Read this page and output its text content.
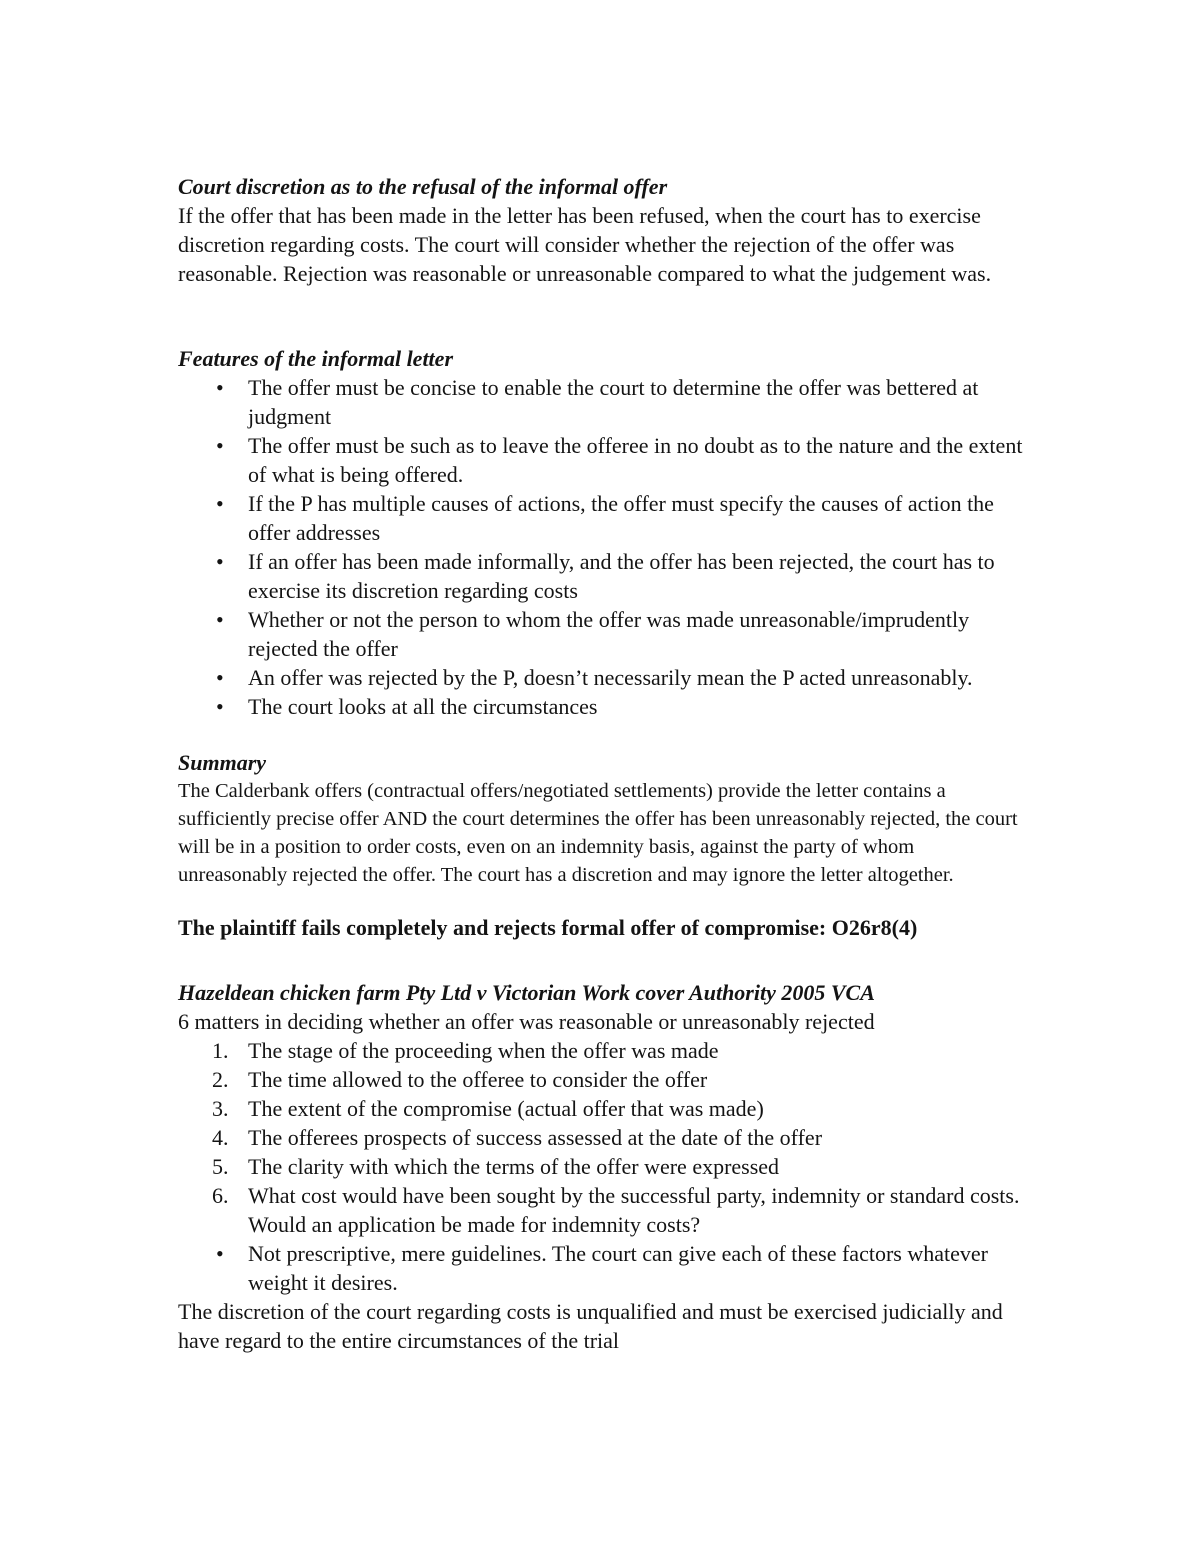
Court discretion as to the refusal of the informal offer

If the offer that has been made in the letter has been refused, when the court has to exercise discretion regarding costs. The court will consider whether the rejection of the offer was reasonable. Rejection was reasonable or unreasonable compared to what the judgement was.

Features of the informal letter
• The offer must be concise to enable the court to determine the offer was bettered at judgment
• The offer must be such as to leave the offeree in no doubt as to the nature and the extent of what is being offered.
• If the P has multiple causes of actions, the offer must specify the causes of action the offer addresses
• If an offer has been made informally, and the offer has been rejected, the court has to exercise its discretion regarding costs
• Whether or not the person to whom the offer was made unreasonable/imprudently rejected the offer
• An offer was rejected by the P, doesn’t necessarily mean the P acted unreasonably.
• The court looks at all the circumstances
Summary

The Calderbank offers (contractual offers/negotiated settlements) provide the letter contains a sufficiently precise offer AND the court determines the offer has been unreasonably rejected, the court will be in a position to order costs, even on an indemnity basis, against the party of whom unreasonably rejected the offer. The court has a discretion and may ignore the letter altogether.

The plaintiff fails completely and rejects formal offer of compromise: O26r8(4)
Hazeldean chicken farm Pty Ltd v Victorian Work cover Authority 2005 VCA

6 matters in deciding whether an offer was reasonable or unreasonably rejected

1. The stage of the proceeding when the offer was made
2. The time allowed to the offeree to consider the offer
3. The extent of the compromise (actual offer that was made)
4. The offerees prospects of success assessed at the date of the offer
5. The clarity with which the terms of the offer were expressed
6. What cost would have been sought by the successful party, indemnity or standard costs. Would an application be made for indemnity costs?
• Not prescriptive, mere guidelines. The court can give each of these factors whatever weight it desires.

The discretion of the court regarding costs is unqualified and must be exercised judicially and have regard to the entire circumstances of the trial
